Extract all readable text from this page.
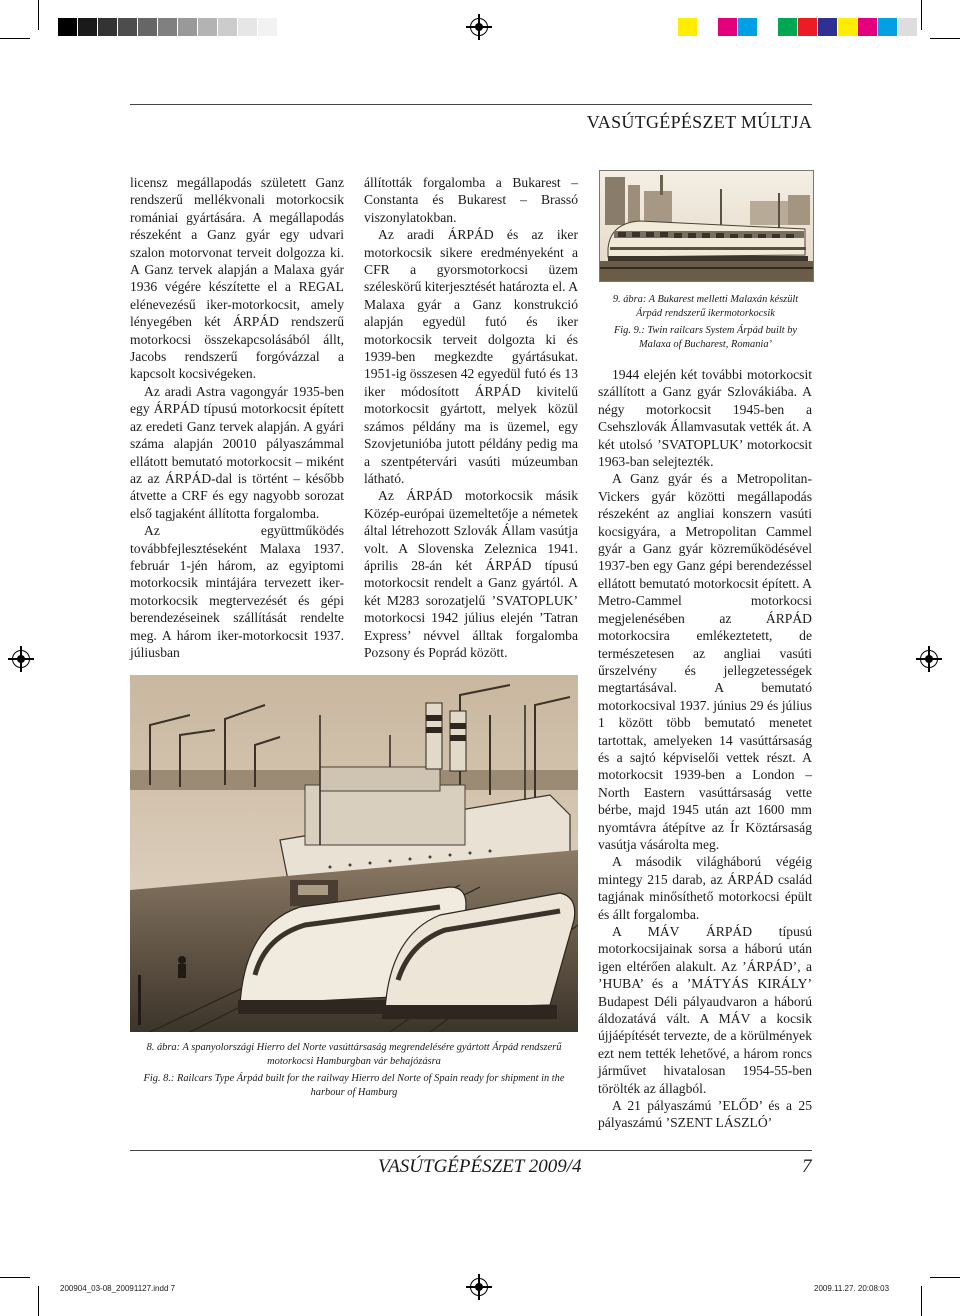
VASÚTGÉPÉSZET MÚLTJA

licensz megállapodás született Ganz rendszerű mellékvonali motorkocsik romániai gyártására. A megállapodás részeként a Ganz gyár egy udvari szalon motorvonat terveit dolgozza ki. A Ganz tervek alapján a Malaxa gyár 1936 végére készítette el a REGAL elénevezésű iker-motorkocsit, amely lényegében két ÁRPÁD rendszerű motorkocsi összekapcsolásából állt, Jacobs rendszerű forgóvázzal a kapcsolt kocsivégeken.

Az aradi Astra vagongyár 1935-ben egy ÁRPÁD típusú motorkocsit épített az eredeti Ganz tervek alapján. A gyári száma alapján 20010 pályaszámmal ellátott bemutató motorkocsit – miként az az ÁRPÁD-dal is történt – később átvette a CRF és egy nagyobb sorozat első tagjaként állította forgalomba.

Az együttműködés továbbfejlesztéseként Malaxa 1937. február 1-jén három, az egyiptomi motorkocsik mintájára tervezett iker-motorkocsik megtervezését és gépi berendezéseinek szállítását rendelte meg. A három iker-motorkocsit 1937. júliusban

állították forgalomba a Bukarest – Constanta és Bukarest – Brassó viszonylatokban.

Az aradi ÁRPÁD és az iker motorkocsik sikere eredményeként a CFR a gyorsmotorkocsi üzem széleskörű kiterjesztését határozta el. A Malaxa gyár a Ganz konstrukció alapján egyedül futó és iker motorkocsik terveit dolgozta ki és 1939-ben megkezdte gyártásukat. 1951-ig összesen 42 egyedül futó és 13 iker módosított ÁRPÁD kivitelű motorkocsit gyártott, melyek közül számos példány ma is üzemel, egy Szovjetunióba jutott példány pedig ma a szentpétervári vasúti múzeumban látható.

Az ÁRPÁD motorkocsik másik Közép-európai üzemeltetője a németek által létrehozott Szlovák Állam vasútja volt. A Slovenska Zeleznica 1941. április 28-án két ÁRPÁD típusú motorkocsit rendelt a Ganz gyártól. A két M283 sorozatjelű ’SVATOPLUK’ motorkocsi 1942 július elején ’Tatran Express’ névvel álltak forgalomba Pozsony és Poprád között.

9. ábra: A Bukarest melletti Malaxán készült Árpád rendszerű ikermotorkocsik
Fig. 9.: Twin railcars System Árpád built by Malaxa of Bucharest, Romania’

1944 elején két további motorkocsit szállított a Ganz gyár Szlovákiába. A négy motorkocsit 1945-ben a Csehszlovák Államvasutak vették át. A két utolsó ’SVATOPLUK’ motorkocsit 1963-ban selejtezték.

A Ganz gyár és a Metropolitan-Vickers gyár közötti megállapodás részeként az angliai konszern vasúti kocsigyára, a Metropolitan Cammel gyár a Ganz gyár közreműködésével 1937-ben egy Ganz gépi berendezéssel ellátott bemutató motorkocsit épített. A Metro-Cammel motorkocsi megjelenésében az ÁRPÁD motorkocsira emlékeztetett, de természetesen az angliai vasúti űrszelvény és jellegzetességek megtartásával. A bemutató motorkocsival 1937. június 29 és július 1 között több bemutató menetet tartottak, amelyeken 14 vasúttársaság és a sajtó képviselői vettek részt. A motorkocsit 1939-ben a London – North Eastern vasúttársaság vette bérbe, majd 1945 után azt 1600 mm nyomtávra átépítve az Ír Köztársaság vasútja vásárolta meg.

A második világháború végéig mintegy 215 darab, az ÁRPÁD család tagjának minősíthető motorkocsi épült és állt forgalomba.

A MÁV ÁRPÁD típusú motorkocsijainak sorsa a háború után igen eltérően alakult. Az ’ÁRPÁD’, a ’HUBA’ és a ’MÁTYÁS KIRÁLY’ Budapest Déli pályaudvaron a háború áldozatává vált. A MÁV a kocsik újjáépítését tervezte, de a körülmények ezt nem tették lehetővé, a három roncs járművet hivatalosan 1954-55-ben törölték az állagból.

A 21 pályaszámú ’ELŐD’ és a 25 pályaszámú ’SZENT LÁSZLÓ’

8. ábra: A spanyolországi Hierro del Norte vasúttársaság megrendelésére gyártott Árpád rendszerű motorkocsi Hamburgban vár behajózásra
Fig. 8.: Railcars Type Árpád built for the railway Hierro del Norte of Spain ready for shipment in the harbour of Hamburg
VASÚTGÉPÉSZET 2009/4	7
200904_03-08_20091127.indd 7	2009.11.27. 20:08:03
